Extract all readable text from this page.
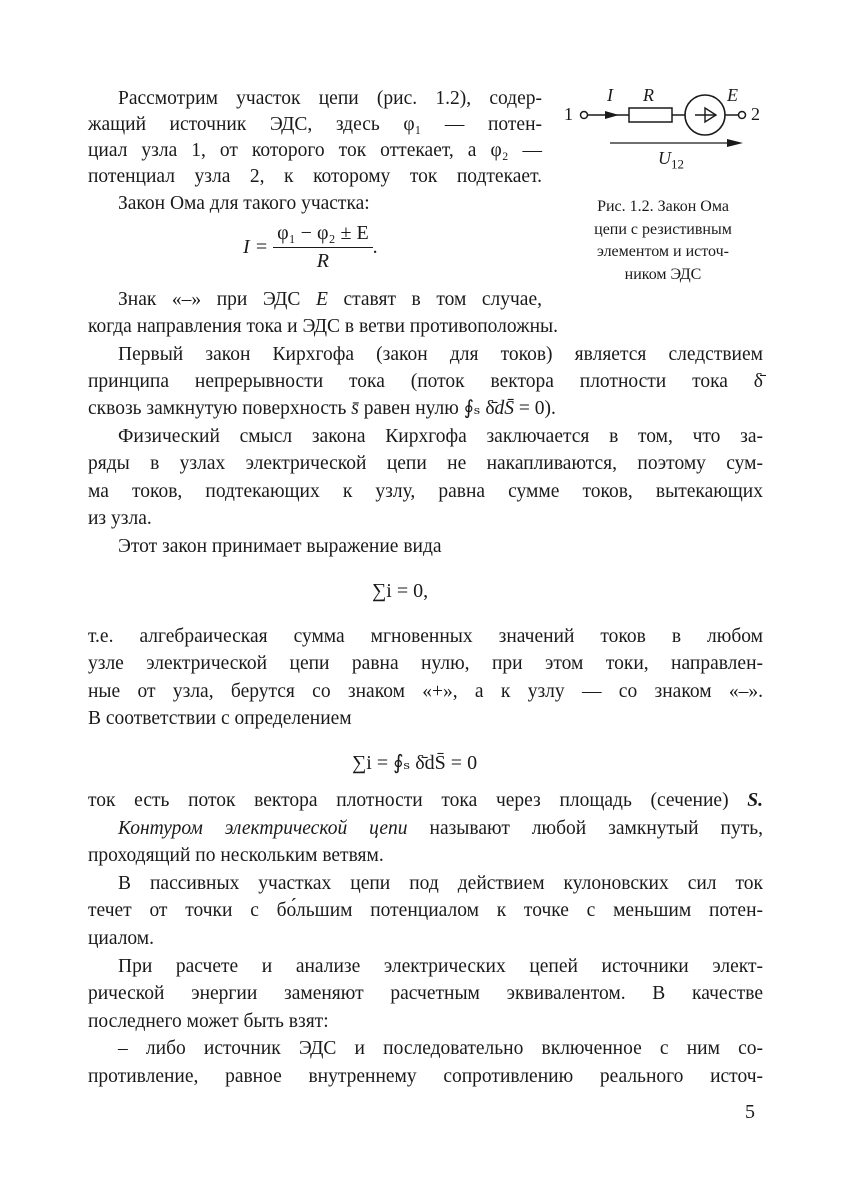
Рассмотрим участок цепи (рис. 1.2), содер-
жащий источник ЭДС, здесь φ₁ — потен-
циал узла 1, от которого ток оттекает, а φ₂ —
потенциал узла 2, к которому ток подтекает.
Закон Ома для такого участка:
Знак «–» при ЭДС E ставят в том случае,
когда направления тока и ЭДС в ветви противоположны.
Первый закон Кирхгофа (закон для токов) является следствием
принципа непрерывности тока (поток вектора плотности тока δ̄
сквозь замкнутую поверхность s̄ равен нулю ∮ₛ δ̄dS̄ = 0).
Физический смысл закона Кирхгофа заключается в том, что за-
ряды в узлах электрической цепи не накапливаются, поэтому сум-
ма токов, подтекающих к узлу, равна сумме токов, вытекающих
из узла.
Этот закон принимает выражение вида
т.е. алгебраическая сумма мгновенных значений токов в любом
узле электрической цепи равна нулю, при этом токи, направлен-
ные от узла, берутся со знаком «+», а к узлу — со знаком «–».
В соответствии с определением
ток есть поток вектора плотности тока через площадь (сечение) S.
Контуром электрической цепи называют любой замкнутый путь,
проходящий по нескольким ветвям.
В пассивных участках цепи под действием кулоновских сил ток
течет от точки с бо́льшим потенциалом к точке с меньшим потен-
циалом.
При расчете и анализе электрических цепей источники элект-
рической энергии заменяют расчетным эквивалентом. В качестве
последнего может быть взят:
– либо источник ЭДС и последовательно включенное с ним со-
противление, равное внутреннему сопротивлению реального источ-
1	2
I R	E
$U_{12}$
Рис. 1.2. Закон Ома
цепи с резистивным
элементом и источ-
ником ЭДС
$I = \frac{\text{φ₁ − φ₂ ± E}}{R}$ .
∑i = 0,
∑i = ∮ₛ δ̄dS̄ = 0
5
